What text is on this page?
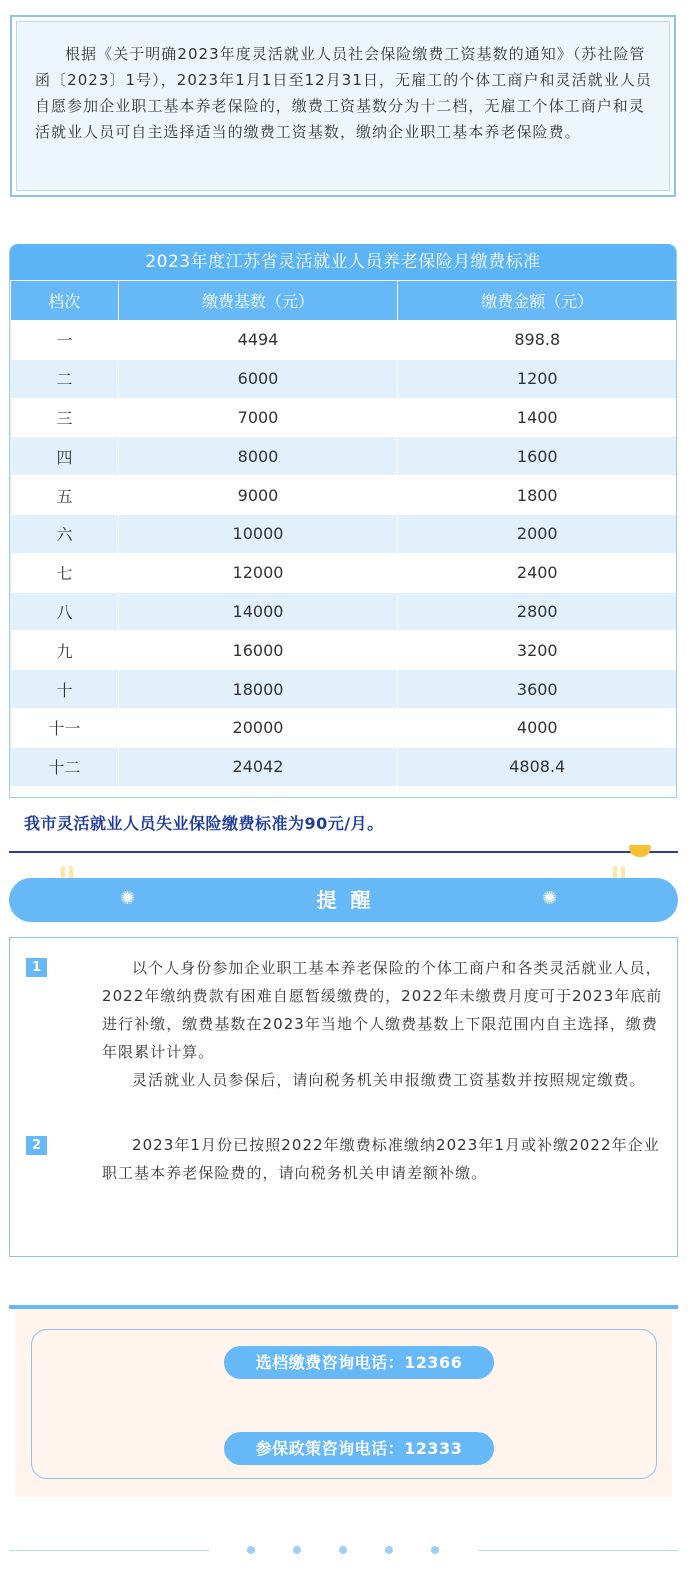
根据《关于明确2023年度灵活就业人员社会保险缴费工资基数的通知》（苏社险管函〔2023〕1号），2023年1月1日至12月31日，无雇工的个体工商户和灵活就业人员自愿参加企业职工基本养老保险的，缴费工资基数分为十二档，无雇工个体工商户和灵活就业人员可自主选择适当的缴费工资基数，缴纳企业职工基本养老保险费。

2023年度江苏省灵活就业人员养老保险月缴费标准
档次	缴费基数（元）	缴费金额（元）
一	4494	898.8
二	6000	1200
三	7000	1400
四	8000	1600
五	9000	1800
六	10000	2000
七	12000	2400
八	14000	2800
九	16000	3200
十	18000	3600
十一	20000	4000
十二	24042	4808.4
我市灵活就业人员失业保险缴费标准为90元/月。
✺	提醒	✺
1	以个人身份参加企业职工基本养老保险的个体工商户和各类灵活就业人员，2022年缴纳费款有困难自愿暂缓缴费的，2022年未缴费月度可于2023年底前进行补缴，缴费基数在2023年当地个人缴费基数上下限范围内自主选择，缴费年限累计计算。

灵活就业人员参保后，请向税务机关申报缴费工资基数并按照规定缴费。

2	2023年1月份已按照2022年缴费标准缴纳2023年1月或补缴2022年企业职工基本养老保险费的，请向税务机关申请差额补缴。

选档缴费咨询电话：12366
参保政策咨询电话：12333
